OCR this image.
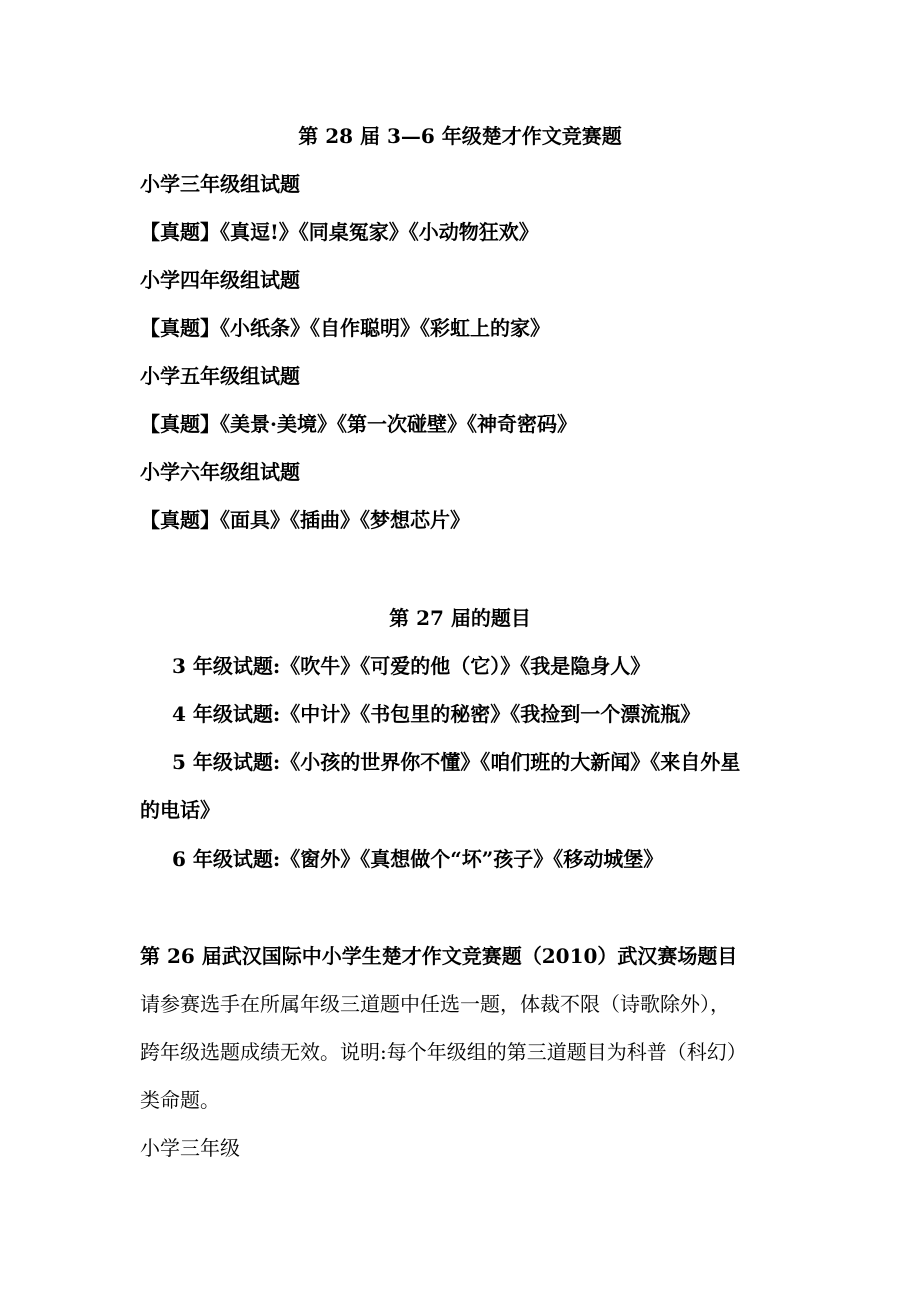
第 28 届 3—6 年级楚才作文竞赛题
小学三年级组试题
【真题】《真逗!》《同桌冤家》《小动物狂欢》
小学四年级组试题
【真题】《小纸条》《自作聪明》《彩虹上的家》
小学五年级组试题
【真题】《美景·美境》《第一次碰壁》《神奇密码》
小学六年级组试题
【真题】《面具》《插曲》《梦想芯片》
第 27 届的题目
3 年级试题:《吹牛》《可爱的他（它）》《我是隐身人》
4 年级试题:《中计》《书包里的秘密》《我捡到一个漂流瓶》
5 年级试题:《小孩的世界你不懂》《咱们班的大新闻》《来自外星
的电话》
6 年级试题:《窗外》《真想做个“坏”孩子》《移动城堡》
第 26 届武汉国际中小学生楚才作文竞赛题（2010）武汉赛场题目
请参赛选手在所属年级三道题中任选一题，体裁不限（诗歌除外），
跨年级选题成绩无效。说明:每个年级组的第三道题目为科普（科幻）
类命题。
小学三年级
